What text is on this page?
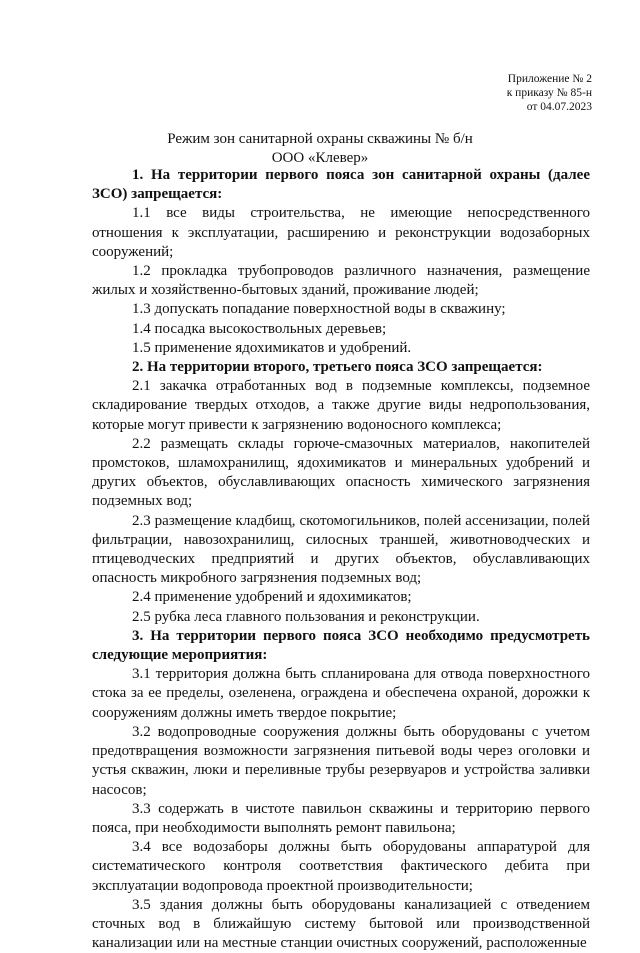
Приложение № 2
к приказу № 85-н
от 04.07.2023
Режим зон санитарной охраны скважины № б/н
ООО «Клевер»

1. На территории первого пояса зон санитарной охраны (далее ЗСО) запрещается:

1.1 все виды строительства, не имеющие непосредственного отношения к эксплуатации, расширению и реконструкции водозаборных сооружений;

1.2 прокладка трубопроводов различного назначения, размещение жилых и хозяйственно-бытовых зданий, проживание людей;

1.3 допускать попадание поверхностной воды в скважину;

1.4 посадка высокоствольных деревьев;

1.5 применение ядохимикатов и удобрений.

2. На территории второго, третьего пояса ЗСО запрещается:

2.1 закачка отработанных вод в подземные комплексы, подземное складирование твердых отходов, а также другие виды недропользования, которые могут привести к загрязнению водоносного комплекса;

2.2 размещать склады горюче-смазочных материалов, накопителей промстоков, шламохранилищ, ядохимикатов и минеральных удобрений и других объектов, обуславливающих опасность химического загрязнения подземных вод;

2.3 размещение кладбищ, скотомогильников, полей ассенизации, полей фильтрации, навозохранилищ, силосных траншей, животноводческих и птицеводческих предприятий и других объектов, обуславливающих опасность микробного загрязнения подземных вод;

2.4 применение удобрений и ядохимикатов;

2.5 рубка леса главного пользования и реконструкции.

3. На территории первого пояса ЗСО необходимо предусмотреть следующие мероприятия:

3.1 территория должна быть спланирована для отвода поверхностного стока за ее пределы, озеленена, ограждена и обеспечена охраной, дорожки к сооружениям должны иметь твердое покрытие;

3.2 водопроводные сооружения должны быть оборудованы с учетом предотвращения возможности загрязнения питьевой воды через оголовки и устья скважин, люки и переливные трубы резервуаров и устройства заливки насосов;

3.3 содержать в чистоте павильон скважины и территорию первого пояса, при необходимости выполнять ремонт павильона;

3.4 все водозаборы должны быть оборудованы аппаратурой для систематического контроля соответствия фактического дебита при эксплуатации водопровода проектной производительности;

3.5 здания должны быть оборудованы канализацией с отведением сточных вод в ближайшую систему бытовой или производственной канализации или на местные станции очистных сооружений, расположенные
